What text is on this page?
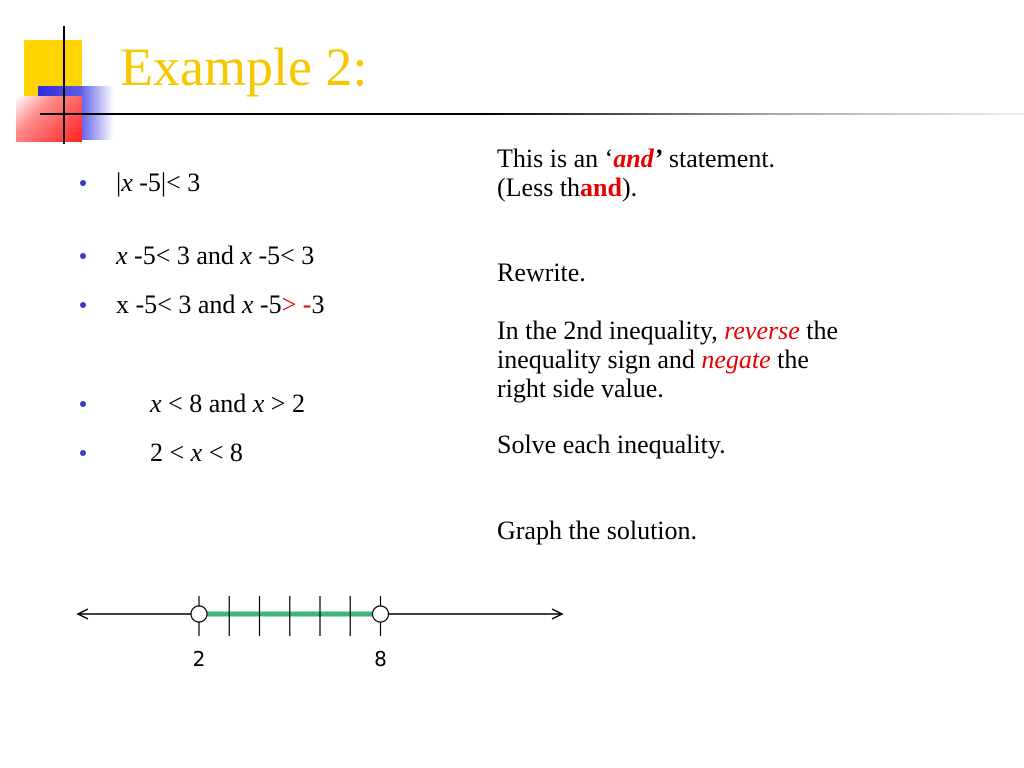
Example 2:
|x -5|< 3
x -5< 3 and x -5< 3
x -5< 3 and x -5> -3
x < 8 and x > 2
2 < x < 8
This is an ‘and’ statement.
(Less thand).
Rewrite.
In the 2nd inequality, reverse the
inequality sign and negate the
right side value.
Solve each inequality.
Graph the solution.
2	8
